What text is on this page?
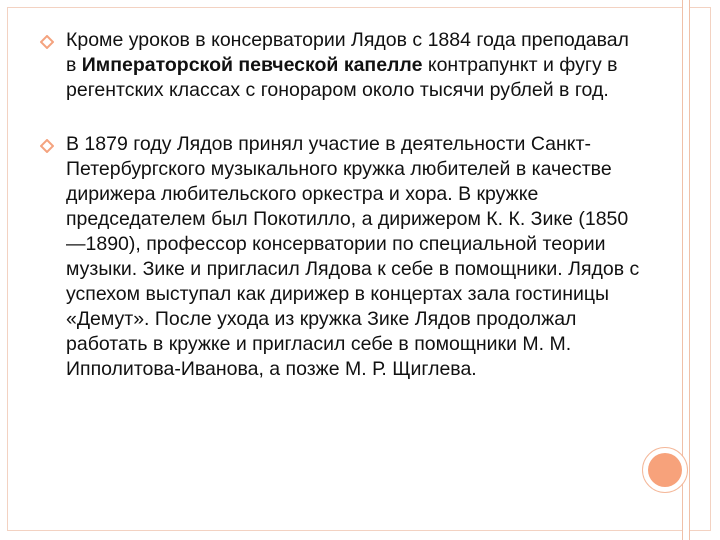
Кроме уроков в консерватории Лядов с 1884 года преподавал в Императорской певческой капелле контрапункт и фугу в регентских классах с гонораром около тысячи рублей в год.
В 1879 году Лядов принял участие в деятельности Санкт-Петербургского музыкального кружка любителей в качестве дирижера любительского оркестра и хора. В кружке председателем был Покотилло, а дирижером К. К. Зике (1850—1890), профессор консерватории по специальной теории музыки. Зике и пригласил Лядова к себе в помощники. Лядов с успехом выступал как дирижер в концертах зала гостиницы «Демут». После ухода из кружка Зике Лядов продолжал работать в кружке и пригласил себе в помощники М. М. Ипполитова-Иванова, а позже М. Р. Щиглева.
